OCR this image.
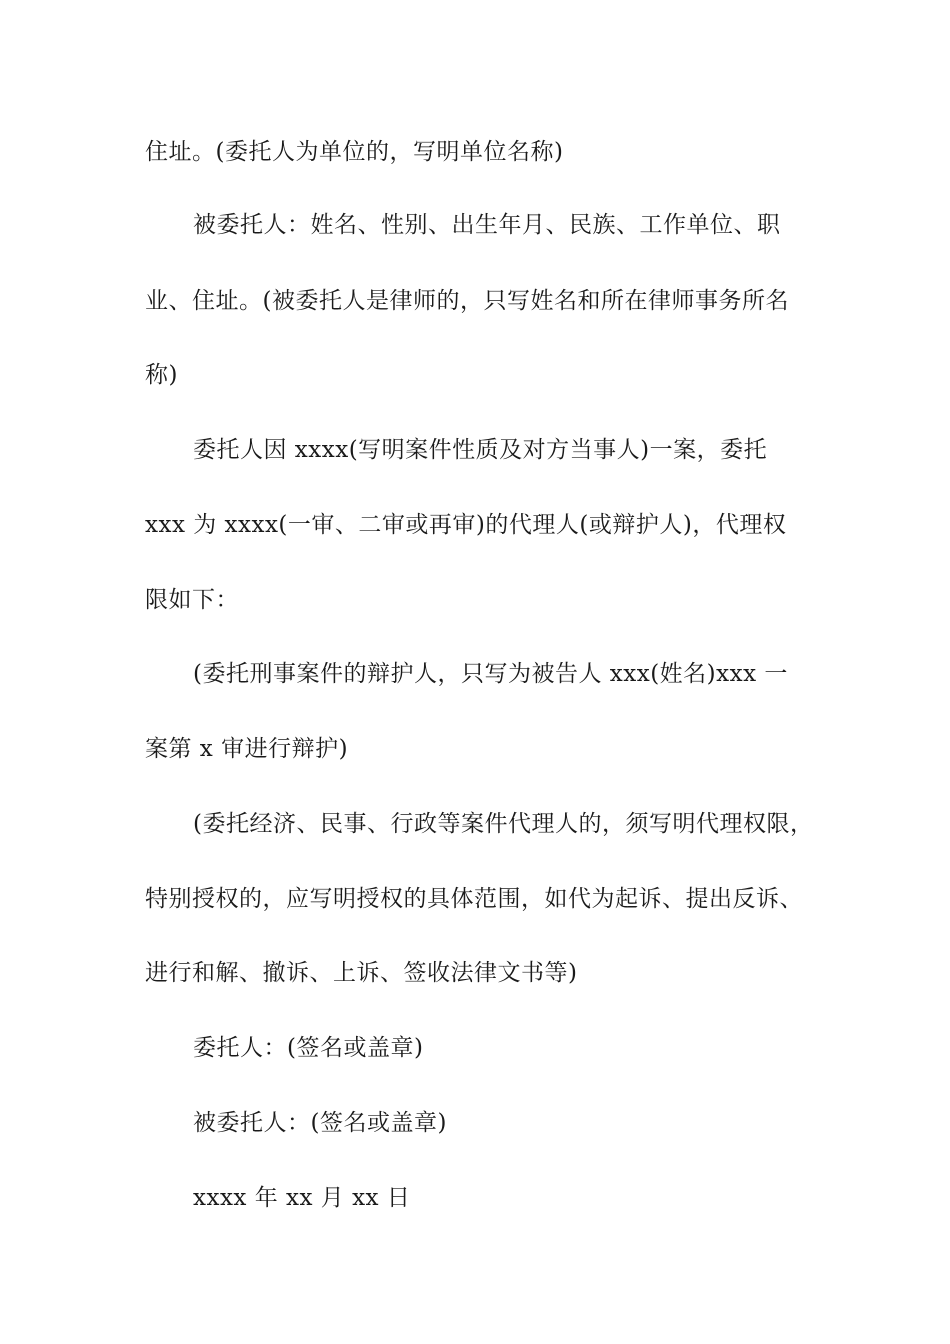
住址。(委托人为单位的，写明单位名称)
被委托人：姓名、性别、出生年月、民族、工作单位、职
业、住址。(被委托人是律师的，只写姓名和所在律师事务所名
称)
委托人因 xxxx(写明案件性质及对方当事人)一案，委托
xxx 为 xxxx(一审、二审或再审)的代理人(或辩护人)，代理权
限如下：
(委托刑事案件的辩护人，只写为被告人 xxx(姓名)xxx 一
案第 x 审进行辩护)
(委托经济、民事、行政等案件代理人的，须写明代理权限，
特别授权的，应写明授权的具体范围，如代为起诉、提出反诉、
进行和解、撤诉、上诉、签收法律文书等)
委托人：(签名或盖章)
被委托人：(签名或盖章)
xxxx 年 xx 月 xx 日
